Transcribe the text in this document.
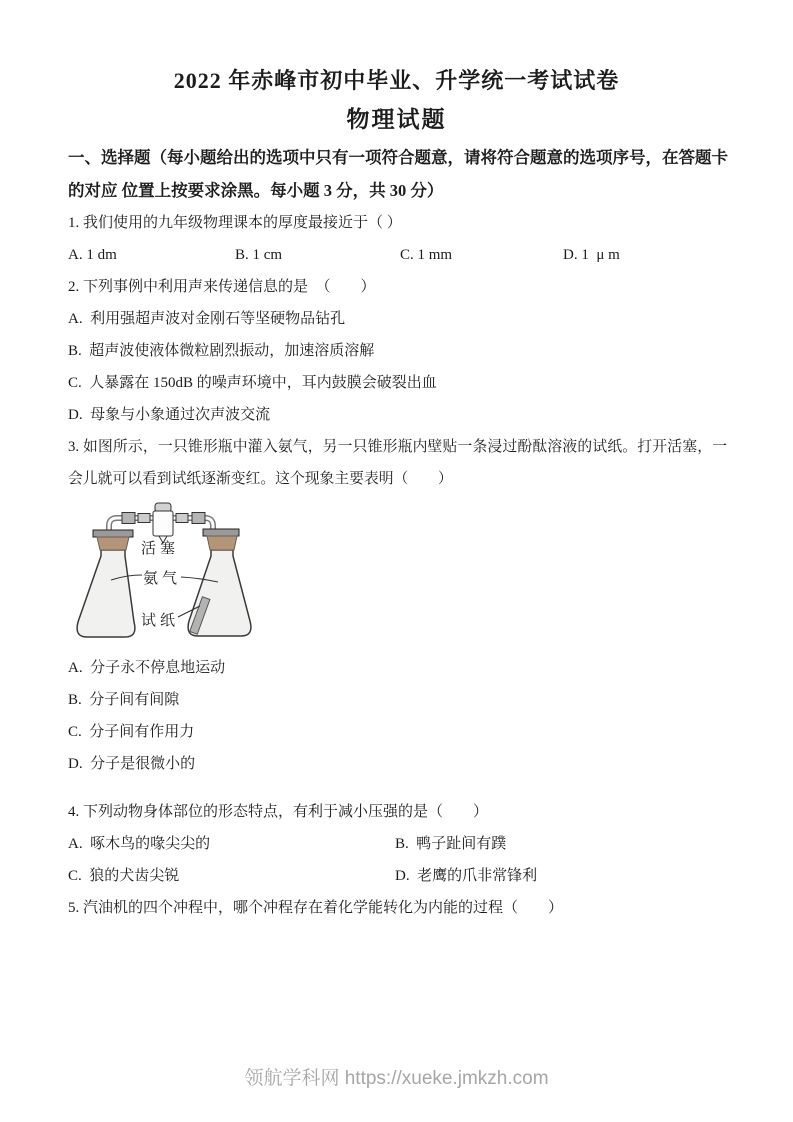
2022 年赤峰市初中毕业、升学统一考试试卷
物理试题
一、选择题（每小题给出的选项中只有一项符合题意，请将符合题意的选项序号，在答题卡
的对应 位置上按要求涂黑。每小题 3 分，共 30 分）
1. 我们使用的九年级物理课本的厚度最接近于（ ）
A. 1 dm	B. 1 cm	C. 1 mm	D. 1  μ m
2. 下列事例中利用声来传递信息的是　（　　）
A.  利用强超声波对金刚石等坚硬物品钻孔
B.  超声波使液体微粒剧烈振动，加速溶质溶解
C.  人暴露在 150dB 的噪声环境中，耳内鼓膜会破裂出血
D.  母象与小象通过次声波交流
3. 如图所示，一只锥形瓶中灌入氨气，另一只锥形瓶内壁贴一条浸过酚酞溶液的试纸。打开活塞，一会儿就可以看到试纸逐渐变红。这个现象主要表明（　　）
活塞
氨气
试纸
A.  分子永不停息地运动
B.  分子间有间隙
C.  分子间有作用力
D.  分子是很微小的
4. 下列动物身体部位的形态特点，有利于减小压强的是（　　）
A.  啄木鸟的喙尖尖的	B.  鸭子趾间有蹼
C.  狼的犬齿尖锐	D.  老鹰的爪非常锋利
5. 汽油机的四个冲程中，哪个冲程存在着化学能转化为内能的过程（　　）
领航学科网 https://xueke.jmkzh.com
